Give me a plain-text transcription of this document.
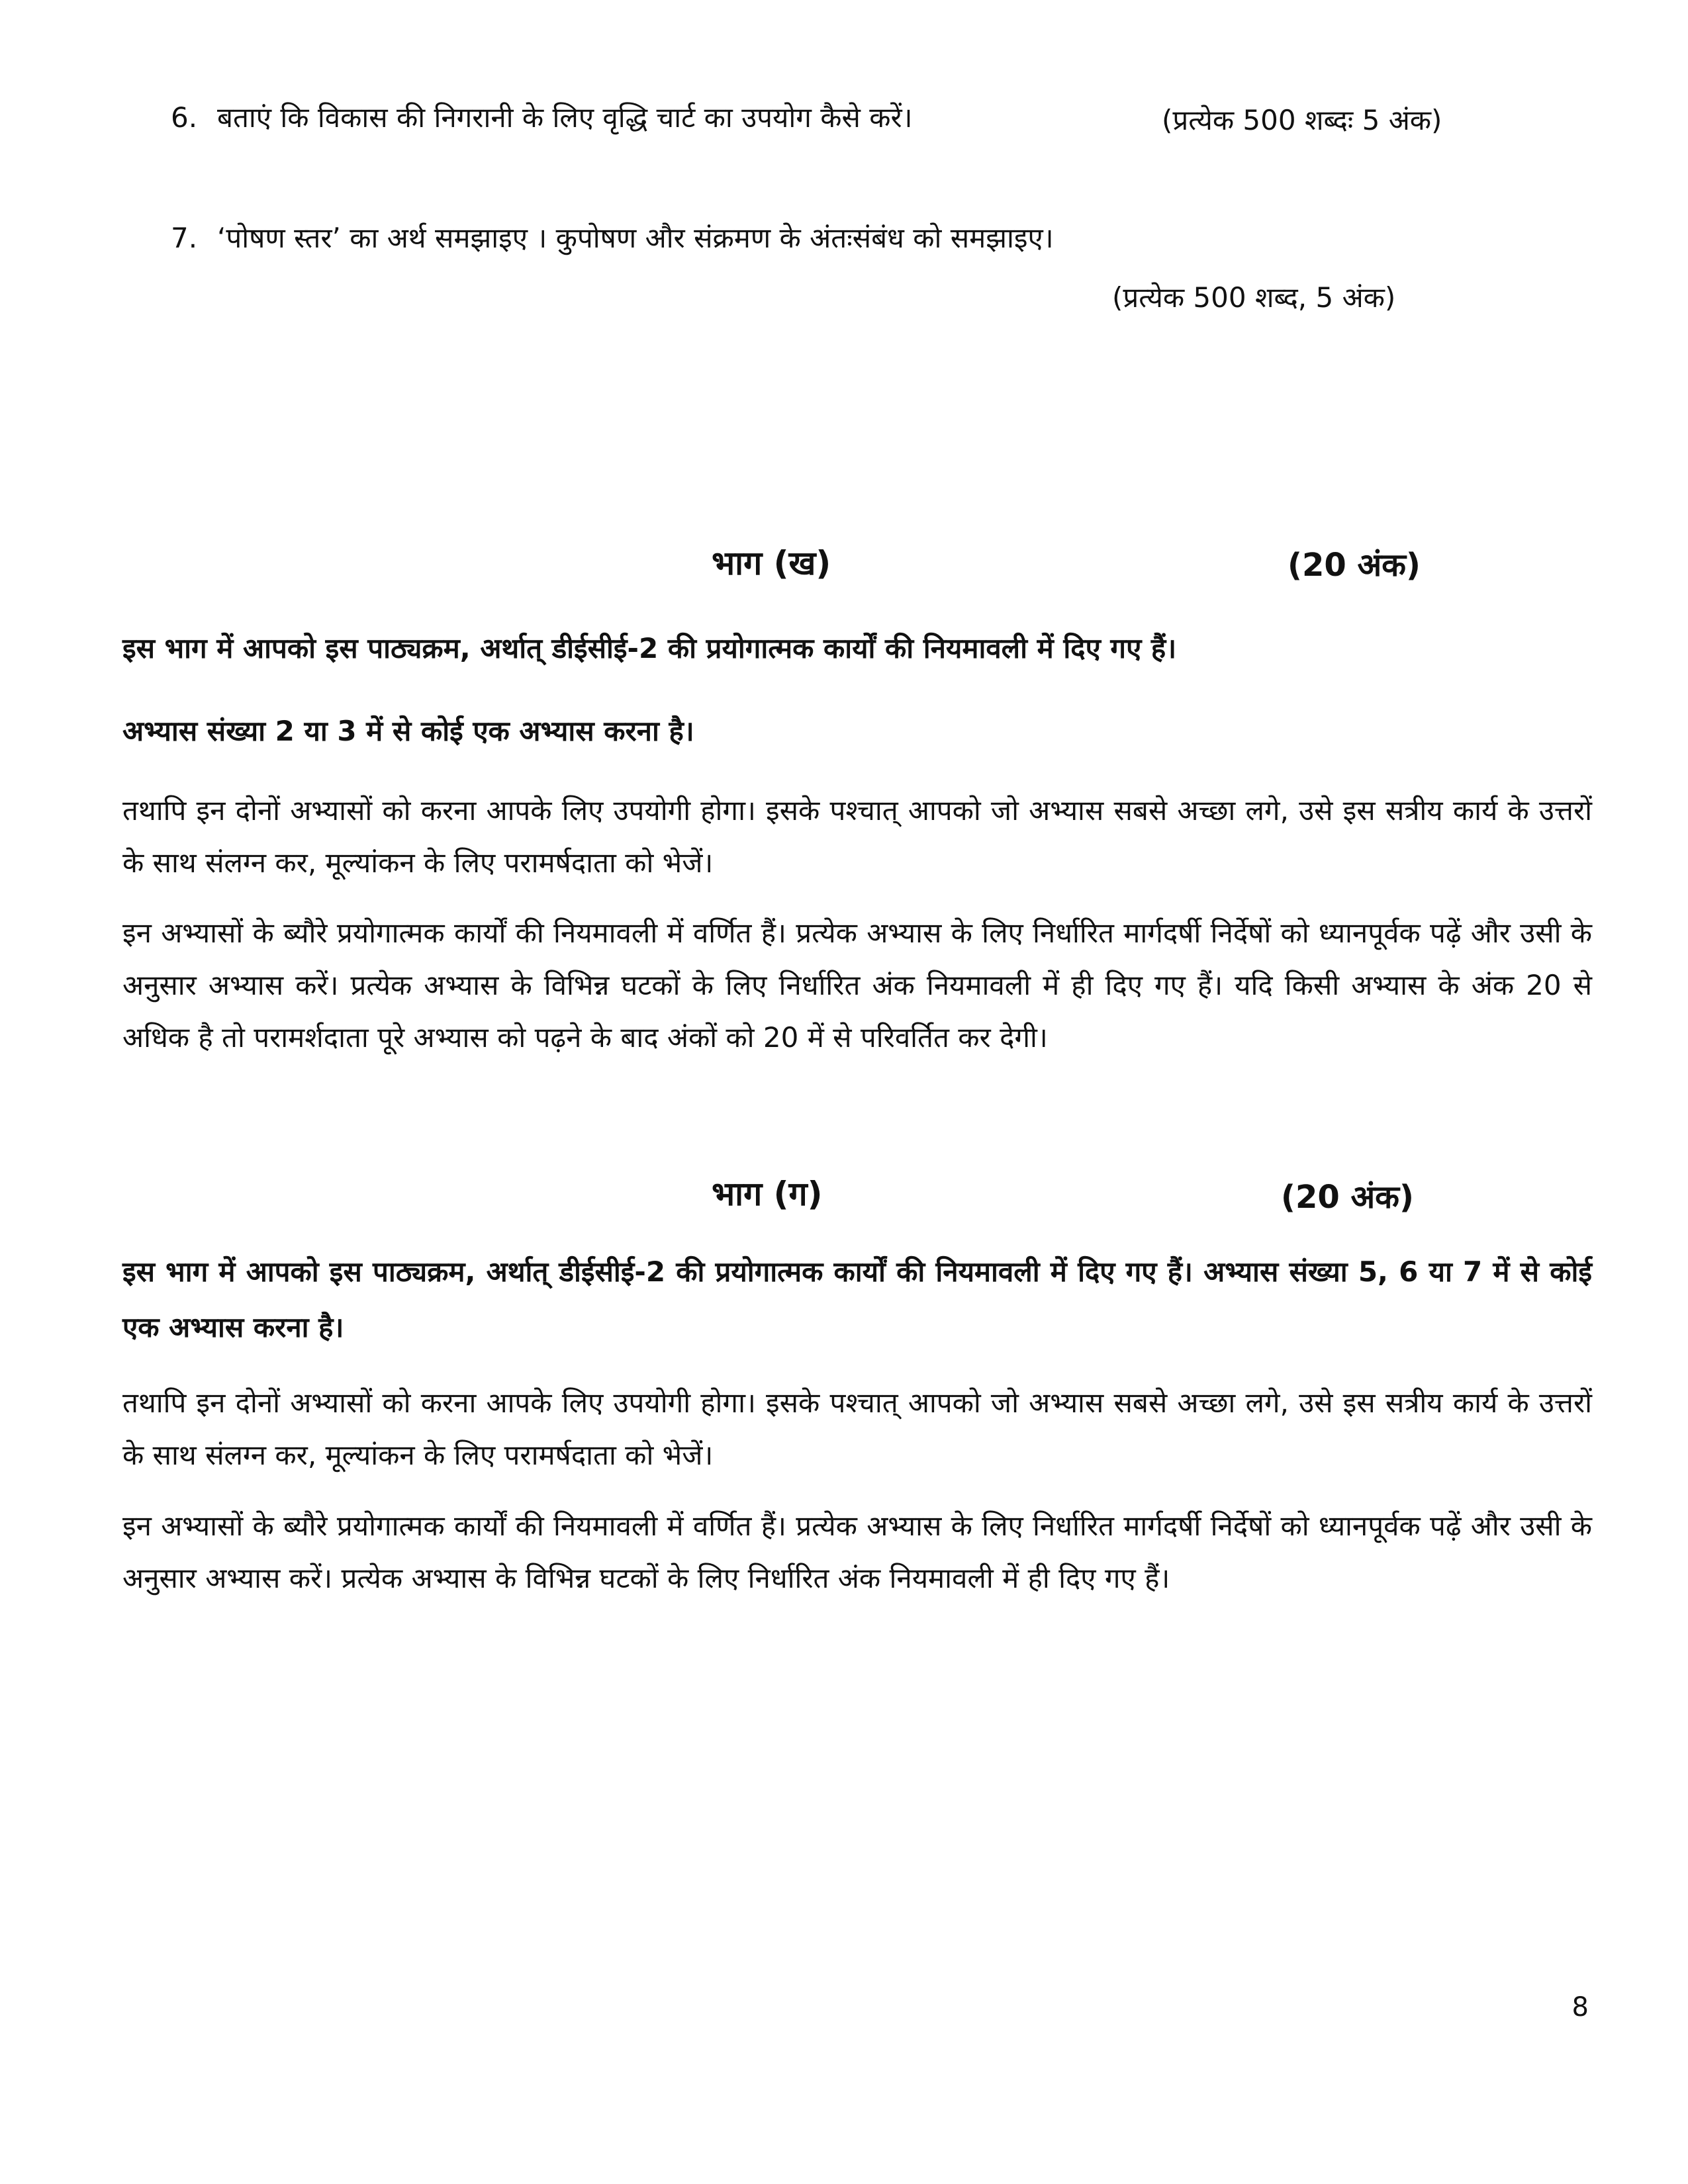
6. बताएं कि विकास की निगरानी के लिए वृद्धि चार्ट का उपयोग कैसे करें।	(प्रत्येक 500 शब्दः 5 अंक)
7. ‘पोषण स्तर’ का अर्थ समझाइए । कुपोषण और संक्रमण के अंतःसंबंध को समझाइए।
(प्रत्येक 500 शब्द, 5 अंक)
भाग (ख)	(20 अंक)
इस भाग में आपको इस पाठ्यक्रम, अर्थात् डीईसीई-2 की प्रयोगात्मक कार्यों की नियमावली में दिए गए हैं।
अभ्यास संख्या 2 या 3 में से कोई एक अभ्यास करना है।
तथापि इन दोनों अभ्यासों को करना आपके लिए उपयोगी होगा। इसके पश्चात् आपको जो अभ्यास सबसे अच्छा लगे, उसे इस सत्रीय कार्य के उत्तरों के साथ संलग्न कर, मूल्यांकन के लिए परामर्षदाता को भेजें।
इन अभ्यासों के ब्यौरे प्रयोगात्मक कार्यों की नियमावली में वर्णित हैं। प्रत्येक अभ्यास के लिए निर्धारित मार्गदर्षी निर्देषों को ध्यानपूर्वक पढ़ें और उसी के अनुसार अभ्यास करें। प्रत्येक अभ्यास के विभिन्न घटकों के लिए निर्धारित अंक नियमावली में ही दिए गए हैं। यदि किसी अभ्यास के अंक 20 से अधिक है तो परामर्शदाता पूरे अभ्यास को पढ़ने के बाद अंकों को 20 में से परिवर्तित कर देगी।
भाग (ग)	(20 अंक)
इस भाग में आपको इस पाठ्यक्रम, अर्थात् डीईसीई-2 की प्रयोगात्मक कार्यों की नियमावली में दिए गए हैं। अभ्यास संख्या 5, 6 या 7 में से कोई एक अभ्यास करना है।
तथापि इन दोनों अभ्यासों को करना आपके लिए उपयोगी होगा। इसके पश्चात् आपको जो अभ्यास सबसे अच्छा लगे, उसे इस सत्रीय कार्य के उत्तरों के साथ संलग्न कर, मूल्यांकन के लिए परामर्षदाता को भेजें।
इन अभ्यासों के ब्यौरे प्रयोगात्मक कार्यों की नियमावली में वर्णित हैं। प्रत्येक अभ्यास के लिए निर्धारित मार्गदर्षी निर्देषों को ध्यानपूर्वक पढ़ें और उसी के अनुसार अभ्यास करें। प्रत्येक अभ्यास के विभिन्न घटकों के लिए निर्धारित अंक नियमावली में ही दिए गए हैं।
8
